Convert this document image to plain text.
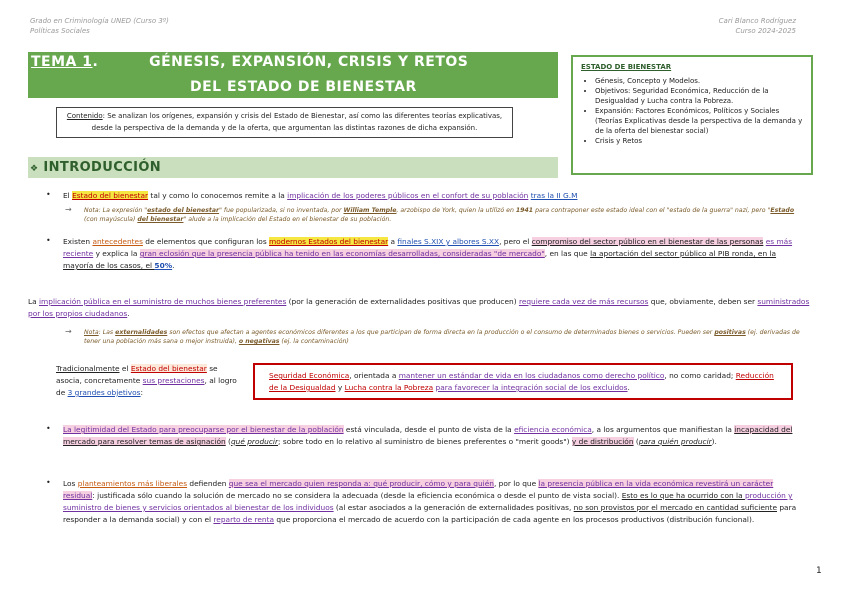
Grado en Criminología UNED (Curso 3º)
Políticas Sociales
Cari Blanco Rodríguez
Curso 2024-2025
TEMA 1.	GÉNESIS, EXPANSIÓN, CRISIS Y RETOS
DEL ESTADO DE BIENESTAR
Contenido: Se analizan los orígenes, expansión y crisis del Estado de Bienestar, así como las diferentes teorías explicativas, desde la perspectiva de la demanda y de la oferta, que argumentan las distintas razones de dicha expansión.
ESTADO DE BIENESTAR
• Génesis, Concepto y Modelos.
• Objetivos: Seguridad Económica, Reducción de la Desigualdad y Lucha contra la Pobreza.
• Expansión: Factores Económicos, Políticos y Sociales (Teorías Explicativas desde la perspectiva de la demanda y de la oferta del bienestar social)
• Crisis y Retos
❖ INTRODUCCIÓN
• El Estado del bienestar tal y como lo conocemos remite a la implicación de los poderes públicos en el confort de su población tras la II G.M
→ Nota: La expresión "estado del bienestar" fue popularizada, si no inventada, por William Temple, arzobispo de York, quien la utilizó en 1941 para contraponer este estado ideal con el "estado de la guerra" nazi, pero "Estado (con mayúscula) del bienestar" alude a la implicación del Estado en el bienestar de su población.
• Existen antecedentes de elementos que configuran los modernos Estados del bienestar a finales S.XIX y albores S.XX, pero el compromiso del sector público en el bienestar de las personas es más reciente y explica la gran eclosión que la presencia pública ha tenido en las economías desarrolladas, consideradas "de mercado", en las que la aportación del sector público al PIB ronda, en la mayoría de los casos, el 50%.
La implicación pública en el suministro de muchos bienes preferentes (por la generación de externalidades positivas que producen) requiere cada vez de más recursos que, obviamente, deben ser suministrados por los propios ciudadanos.
→ Nota: Las externalidades son efectos que afectan a agentes económicos diferentes a los que participan de forma directa en la producción o el consumo de determinados bienes o servicios. Pueden ser positivas (ej. derivadas de tener una población más sana o mejor instruida), o negativas (ej. la contaminación)
Tradicionalmente el Estado del bienestar se asocia, concretamente sus prestaciones, al logro de 3 grandes objetivos:
Seguridad Económica, orientada a mantener un estándar de vida en los ciudadanos como derecho político, no como caridad; Reducción de la Desigualdad y Lucha contra la Pobreza para favorecer la integración social de los excluidos.
• La legitimidad del Estado para preocuparse por el bienestar de la población está vinculada, desde el punto de vista de la eficiencia económica, a los argumentos que manifiestan la incapacidad del mercado para resolver temas de asignación (qué producir; sobre todo en lo relativo al suministro de bienes preferentes o "merit goods") y de distribución (para quién producir).
• Los planteamientos más liberales defienden que sea el mercado quien responda a: qué producir, cómo y para quién, por lo que la presencia pública en la vida económica revestirá un carácter residual: justificada sólo cuando la solución de mercado no se considera la adecuada (desde la eficiencia económica o desde el punto de vista social). Esto es lo que ha ocurrido con la producción y suministro de bienes y servicios orientados al bienestar de los individuos (al estar asociados a la generación de externalidades positivas, no son provistos por el mercado en cantidad suficiente para responder a la demanda social) y con el reparto de renta que proporciona el mercado de acuerdo con la participación de cada agente en los procesos productivos (distribución funcional).
1
